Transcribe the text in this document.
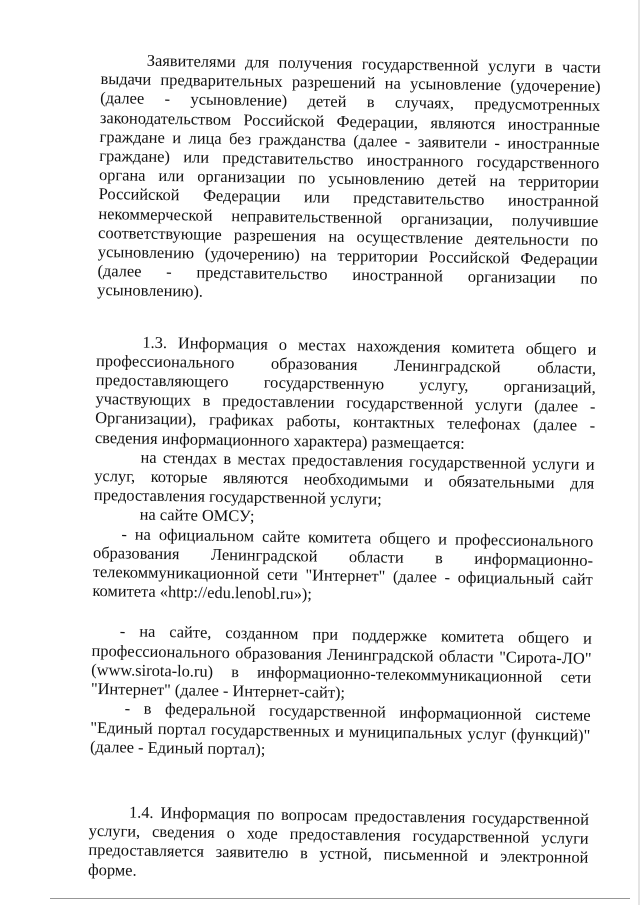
Заявителями для получения государственной услуги в части выдачи предварительных разрешений на усыновление (удочерение) (далее - усыновление) детей в случаях, предусмотренных законодательством Российской Федерации, являются иностранные граждане и лица без гражданства (далее - заявители - иностранные граждане) или представительство иностранного государственного органа или организации по усыновлению детей на территории Российской Федерации или представительство иностранной некоммерческой неправительственной организации, получившие соответствующие разрешения на осуществление деятельности по усыновлению (удочерению) на территории Российской Федерации (далее - представительство иностранной организации по усыновлению).

1.3. Информация о местах нахождения комитета общего и профессионального образования Ленинградской области, предоставляющего государственную услугу, организаций, участвующих в предоставлении государственной услуги (далее - Организации), графиках работы, контактных телефонах (далее - сведения информационного характера) размещается:

на стендах в местах предоставления государственной услуги и услуг, которые являются необходимыми и обязательными для предоставления государственной услуги;

на сайте ОМСУ;

- на официальном сайте комитета общего и профессионального образования Ленинградской области в информационно-телекоммуникационной сети "Интернет" (далее - официальный сайт комитета «http://edu.lenobl.ru»);

- на сайте, созданном при поддержке комитета общего и профессионального образования Ленинградской области "Сирота-ЛО" (www.sirota-lo.ru) в информационно-телекоммуникационной сети "Интернет" (далее - Интернет-сайт);

- в федеральной государственной информационной системе "Единый портал государственных и муниципальных услуг (функций)" (далее - Единый портал);

1.4. Информация по вопросам предоставления государственной услуги, сведения о ходе предоставления государственной услуги предоставляется заявителю в устной, письменной и электронной форме.
